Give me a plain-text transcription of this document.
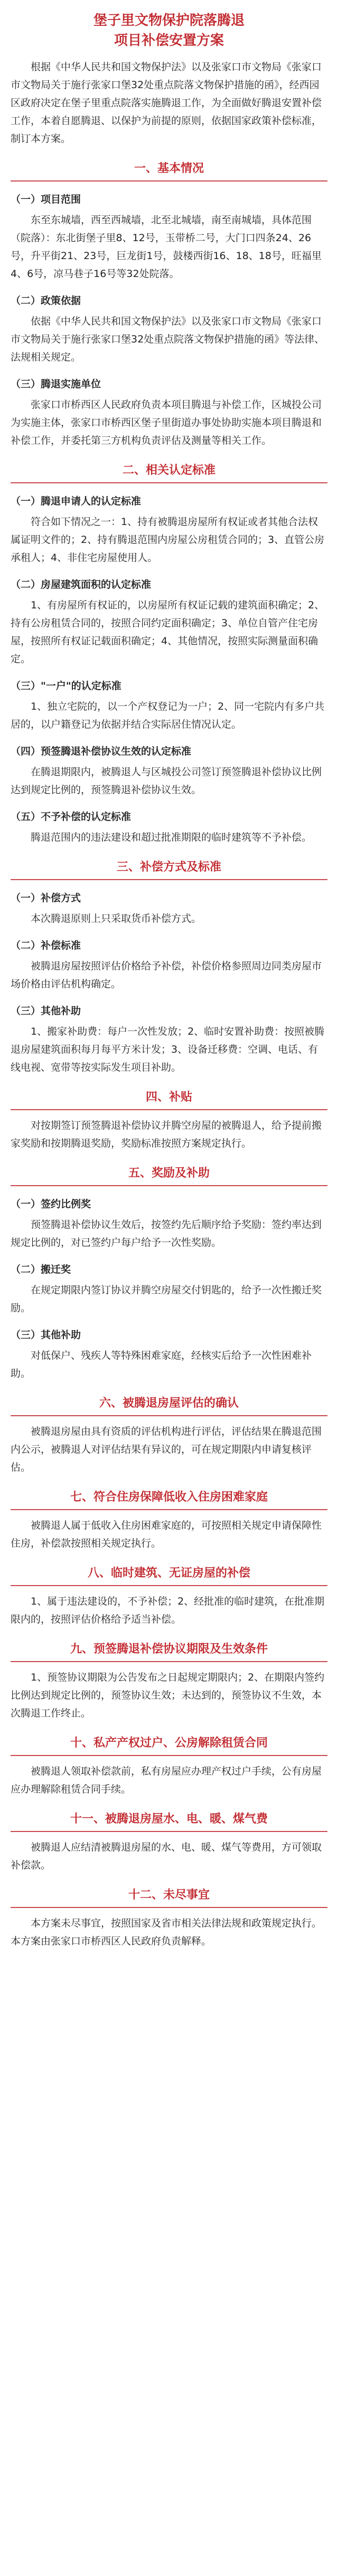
堡子里文物保护院落腾退
项目补偿安置方案
根据《中华人民共和国文物保护法》以及张家口市文物局《张家口市文物局关于施行张家口堡32处重点院落文物保护措施的函》，经西园区政府决定在堡子里重点院落实施腾退工作，为全面做好腾退安置补偿工作，本着自愿腾退、以保护为前提的原则，依据国家政策补偿标准，制订本方案。
一、基本情况
（一）项目范围
东至东城墙，西至西城墙，北至北城墙，南至南城墙，具体范围（院落）：东北街堡子里8、12号，玉带桥二号，大门口四条24、26号，升平街21、23号，巨龙街1号，鼓楼西街16、18、18号，旺福里4、6号，凉马巷子16号等32处院落。
（二）政策依据
依据《中华人民共和国文物保护法》以及张家口市文物局《张家口市文物局关于施行张家口堡32处重点院落文物保护措施的函》等法律、法规相关规定。
（三）腾退实施单位
张家口市桥西区人民政府负责本项目腾退与补偿工作，区城投公司为实施主体，张家口市桥西区堡子里街道办事处协助实施本项目腾退和补偿工作，并委托第三方机构负责评估及测量等相关工作。
二、相关认定标准
（一）腾退申请人的认定标准
符合如下情况之一：1、持有被腾退房屋所有权证或者其他合法权属证明文件的；2、持有腾退范围内房屋公房租赁合同的；3、直管公房承租人；4、非住宅房屋使用人。
（二）房屋建筑面积的认定标准
1、有房屋所有权证的，以房屋所有权证记载的建筑面积确定；2、持有公房租赁合同的，按照合同约定面积确定；3、单位自管产住宅房屋，按照所有权证记载面积确定；4、其他情况，按照实际测量面积确定。
（三）"一户"的认定标准
1、独立宅院的，以一个产权登记为一户；2、同一宅院内有多户共居的，以户籍登记为依据并结合实际居住情况认定。
（四）预签腾退补偿协议生效的认定标准
在腾退期限内，被腾退人与区城投公司签订预签腾退补偿协议比例达到规定比例的，预签腾退补偿协议生效。
（五）不予补偿的认定标准
腾退范围内的违法建设和超过批准期限的临时建筑等不予补偿。
三、补偿方式及标准
（一）补偿方式
本次腾退原则上只采取货币补偿方式。
（二）补偿标准
被腾退房屋按照评估价格给予补偿，补偿价格参照周边同类房屋市场价格由评估机构确定。
（三）其他补助
1、搬家补助费：每户一次性发放；2、临时安置补助费：按照被腾退房屋建筑面积每月每平方米计发；3、设备迁移费：空调、电话、有线电视、宽带等按实际发生项目补助。
四、补贴
对按期签订预签腾退补偿协议并腾空房屋的被腾退人，给予提前搬家奖励和按期腾退奖励，奖励标准按照方案规定执行。
五、奖励及补助
（一）签约比例奖
预签腾退补偿协议生效后，按签约先后顺序给予奖励：签约率达到规定比例的，对已签约户每户给予一次性奖励。
（二）搬迁奖
在规定期限内签订协议并腾空房屋交付钥匙的，给予一次性搬迁奖励。
（三）其他补助
对低保户、残疾人等特殊困难家庭，经核实后给予一次性困难补助。
六、被腾退房屋评估的确认
被腾退房屋由具有资质的评估机构进行评估，评估结果在腾退范围内公示，被腾退人对评估结果有异议的，可在规定期限内申请复核评估。
七、符合住房保障低收入住房困难家庭
被腾退人属于低收入住房困难家庭的，可按照相关规定申请保障性住房，补偿款按照相关规定执行。
八、临时建筑、无证房屋的补偿
1、属于违法建设的，不予补偿；2、经批准的临时建筑，在批准期限内的，按照评估价格给予适当补偿。
九、预签腾退补偿协议期限及生效条件
1、预签协议期限为公告发布之日起规定期限内；2、在期限内签约比例达到规定比例的，预签协议生效；未达到的，预签协议不生效，本次腾退工作终止。
十、私产产权过户、公房解除租赁合同
被腾退人领取补偿款前，私有房屋应办理产权过户手续，公有房屋应办理解除租赁合同手续。
十一、被腾退房屋水、电、暖、煤气费
被腾退人应结清被腾退房屋的水、电、暖、煤气等费用，方可领取补偿款。
十二、未尽事宜
本方案未尽事宜，按照国家及省市相关法律法规和政策规定执行。本方案由张家口市桥西区人民政府负责解释。
